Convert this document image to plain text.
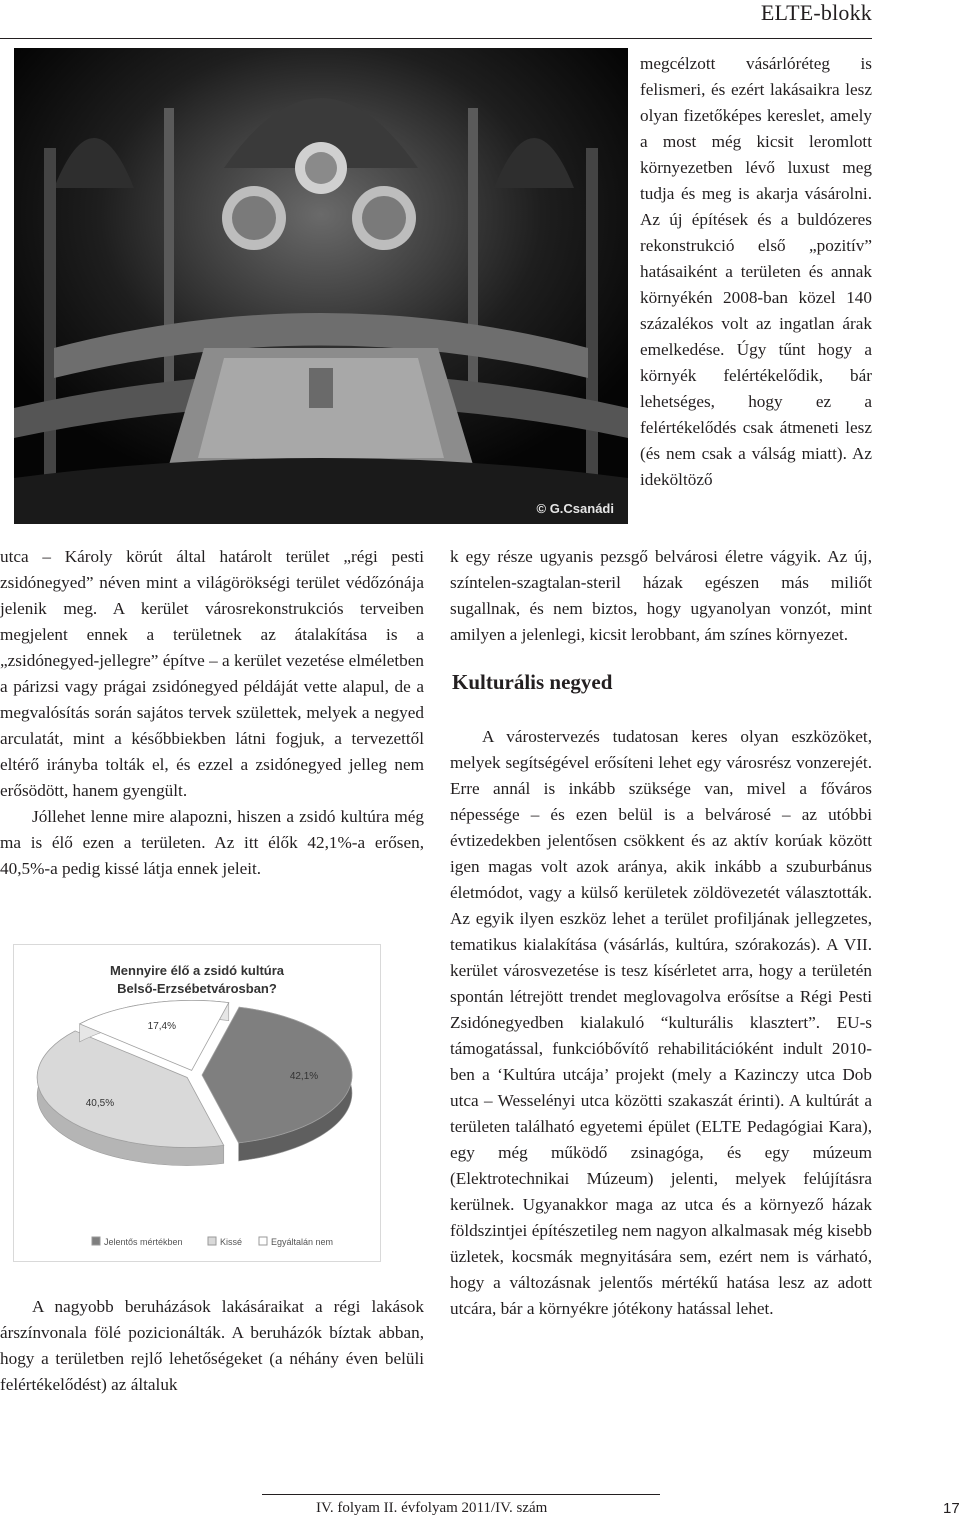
ELTE-blokk
© G.Csanádi

megcélzott vásárlóréteg is felismeri, és ezért lakásaikra lesz olyan fizetőképes kereslet, amely a most még kicsit leromlott környezetben lévő luxust meg tudja és meg is akarja vásárolni. Az új építések és a buldózeres rekonstrukció első „pozitív” hatásaiként a területen és annak környékén 2008-ban közel 140 százalékos volt az ingatlan árak emelkedése. Úgy tűnt hogy a környék felértékelődik, bár lehetséges, hogy ez a felértékelődés csak átmeneti lesz (és nem csak a válság miatt). Az ideköltöző

k egy része ugyanis pezsgő belvárosi életre vágyik. Az új, színtelen-szagtalan-steril házak egészen más miliőt sugallnak, és nem biztos, hogy ugyanolyan vonzót, mint amilyen a jelenlegi, kicsit lerobbant, ám színes környezet.

Kulturális negyed

A várostervezés tudatosan keres olyan eszközöket, melyek segítségével erősíteni lehet egy városrész vonzerejét. Erre annál is inkább szüksége van, mivel a főváros népessége – és ezen belül is a belvárosé – az utóbbi évtizedekben jelentősen csökkent és az aktív korúak között igen magas volt azok aránya, akik inkább a szuburbánus életmódot, vagy a külső kerületek zöldövezetét választották. Az egyik ilyen eszköz lehet a terület profiljának jellegzetes, tematikus kialakítása (vásárlás, kultúra, szórakozás). A VII. kerület városvezetése is tesz kísérletet arra, hogy a területén spontán létrejött trendet meglovagolva erősítse a Régi Pesti Zsidónegyedben kialakuló “kulturális klasztert”. EU-s támogatással, funkcióbővítő rehabilitációként indult 2010-ben a ‘Kultúra utcája’ projekt (mely a Kazinczy utca Dob utca – Wesselényi utca közötti szakaszát érinti). A kultúrát a területen található egyetemi épület (ELTE Pedagógiai Kara), egy még működő zsinagóga, és egy múzeum (Elektrotechnikai Múzeum) jelenti, melyek felújításra kerülnek. Ugyanakkor maga az utca és a környező házak földszintjei építészetileg nem nagyon alkalmasak még kisebb üzletek, kocsmák megnyitására sem, ezért nem is várható, hogy a változásnak jelentős mértékű hatása lesz az adott utcára, bár a környékre jótékony hatással lehet.

utca – Károly körút által határolt terület „régi pesti zsidónegyed” néven mint a világörökségi terület védőzónája jelenik meg. A kerület városrekonstrukciós terveiben megjelent ennek a területnek az átalakítása is a „zsidónegyed-jellegre” építve – a kerület vezetése elméletben a párizsi vagy prágai zsidónegyed példáját vette alapul, de a megvalósítás során sajátos tervek születtek, melyek a negyed arculatát, mint a későbbiekben látni fogjuk, a tervezettől eltérő irányba tolták el, és ezzel a zsidónegyed jelleg nem erősödött, hanem gyengült.

Jóllehet lenne mire alapozni, hiszen a zsidó kultúra még ma is élő ezen a területen. Az itt élők 42,1%-a erősen, 40,5%-a pedig kissé látja ennek jeleit.

Mennyire élő a zsidó kultúra
Belső-Erzsébetvárosban?
42,1%
40,5%
17,4%
Jelentős mértékben	Kissé	Egyáltalán nem

A nagyobb beruházások lakásáraikat a régi lakások árszínvonala fölé pozicionálták. A beruházók bíztak abban, hogy a területben rejlő lehetőségeket (a néhány éven belüli felértékelődést) az általuk

IV. folyam II. évfolyam 2011/IV. szám	17
